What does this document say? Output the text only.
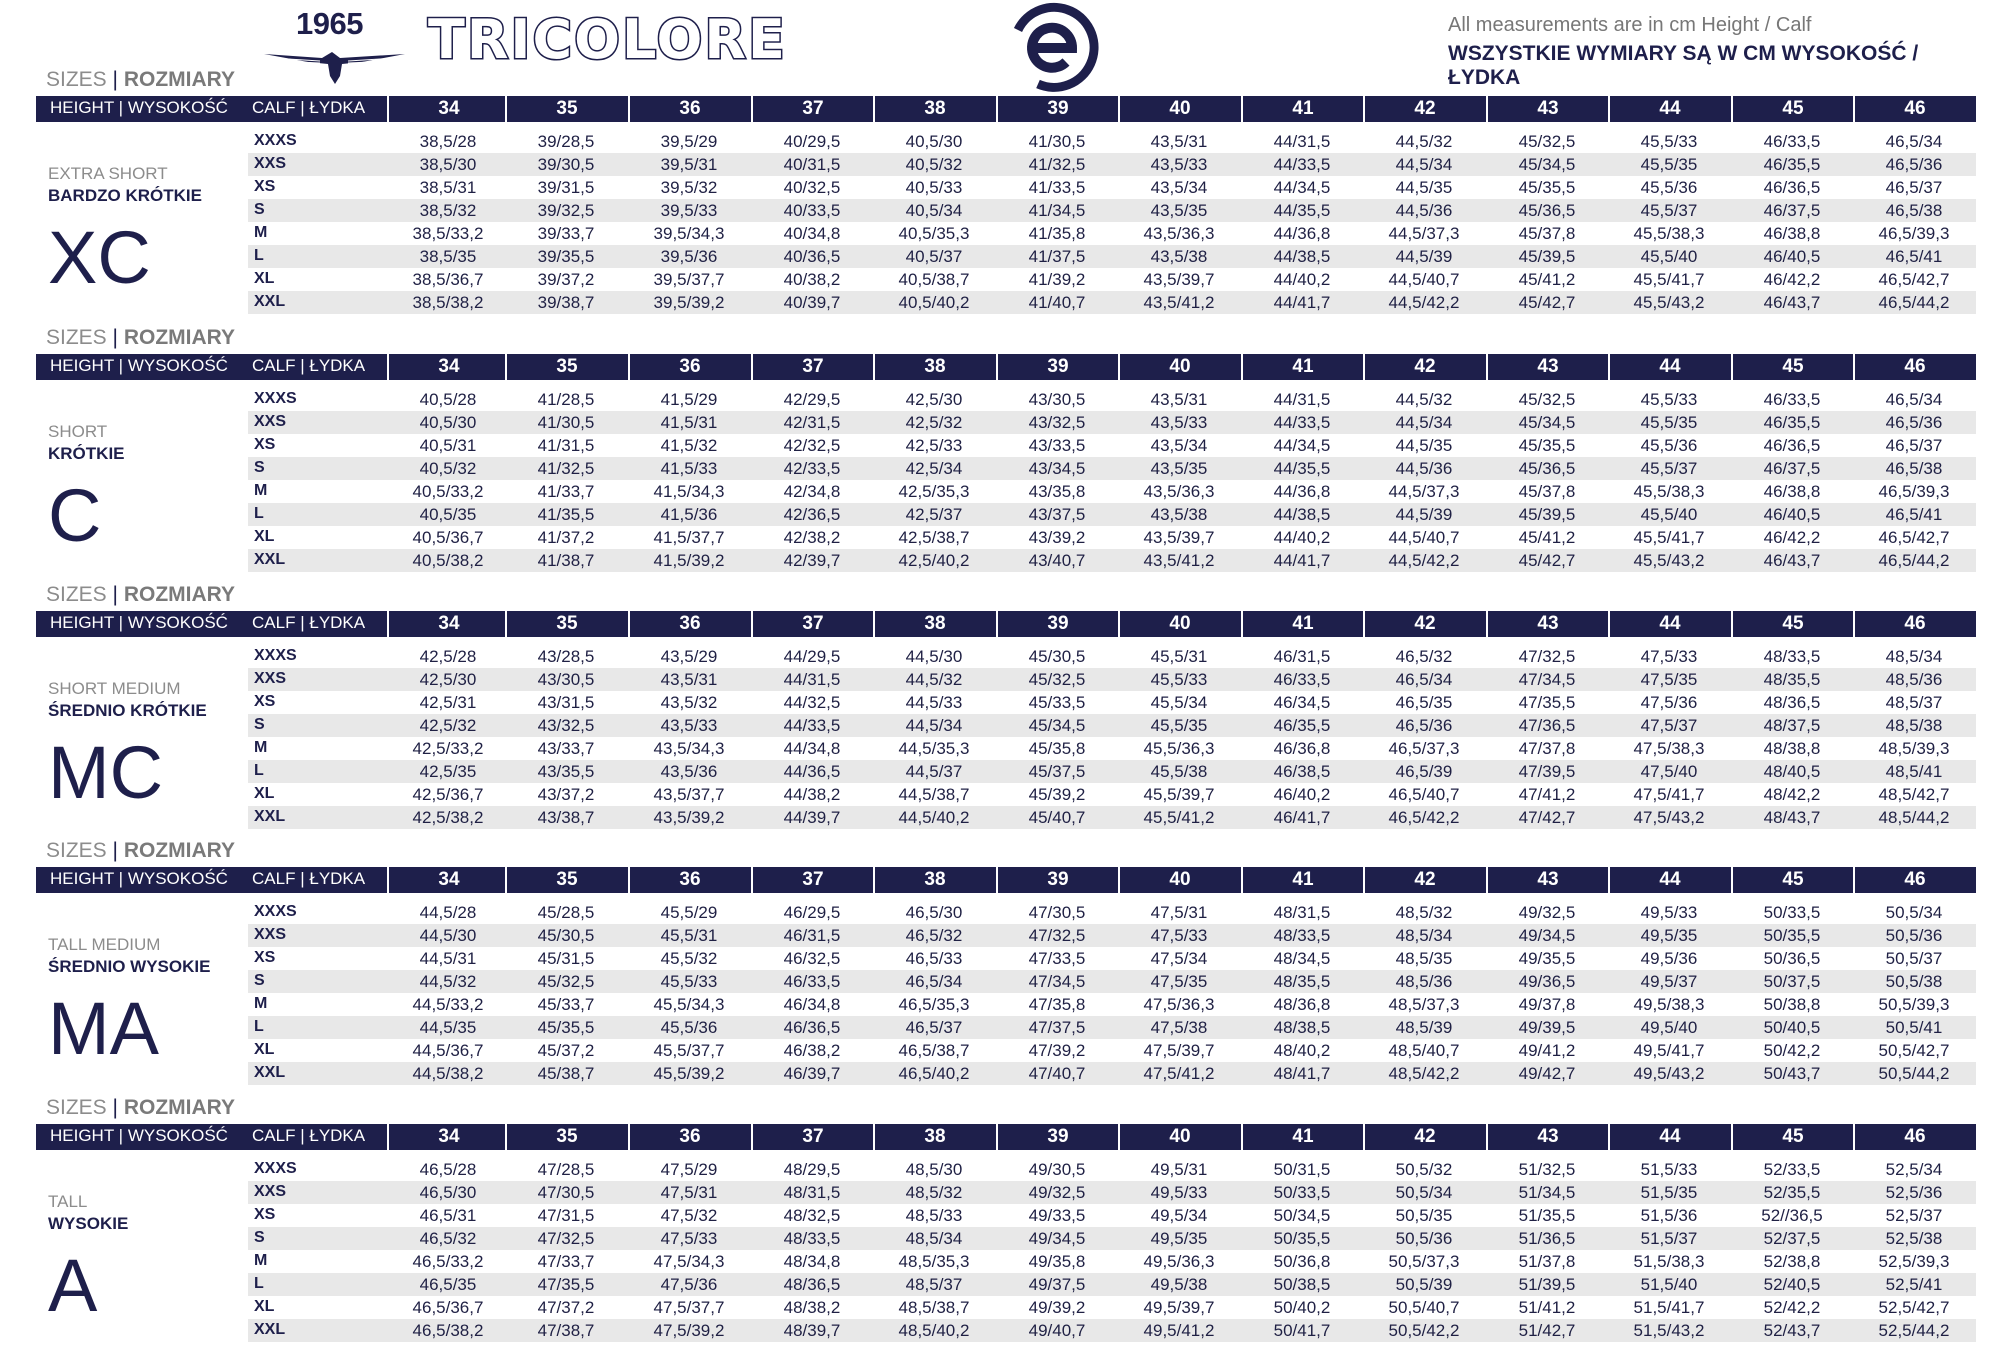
1965 TRICOLORE	All measurements are in cm Height / Calf
WSZYSTKIE WYMIARY SĄ W CM WYSOKOŚĆ / ŁYDKA
SIZES | ROZMIARY
HEIGHT | WYSOKOŚĆ CALF | ŁYDKA	34	35	36	37	38	39	40	41	42	43	44	45	46
EXTRA SHORT
BARDZO KRÓTKIE
XC
XXXS	38,5/28	39/28,5	39,5/29	40/29,5	40,5/30	41/30,5	43,5/31	44/31,5	44,5/32	45/32,5	45,5/33	46/33,5	46,5/34
XXS	38,5/30	39/30,5	39,5/31	40/31,5	40,5/32	41/32,5	43,5/33	44/33,5	44,5/34	45/34,5	45,5/35	46/35,5	46,5/36
XS	38,5/31	39/31,5	39,5/32	40/32,5	40,5/33	41/33,5	43,5/34	44/34,5	44,5/35	45/35,5	45,5/36	46/36,5	46,5/37
S	38,5/32	39/32,5	39,5/33	40/33,5	40,5/34	41/34,5	43,5/35	44/35,5	44,5/36	45/36,5	45,5/37	46/37,5	46,5/38
M	38,5/33,2	39/33,7	39,5/34,3	40/34,8	40,5/35,3	41/35,8	43,5/36,3	44/36,8	44,5/37,3	45/37,8	45,5/38,3	46/38,8	46,5/39,3
L	38,5/35	39/35,5	39,5/36	40/36,5	40,5/37	41/37,5	43,5/38	44/38,5	44,5/39	45/39,5	45,5/40	46/40,5	46,5/41
XL	38,5/36,7	39/37,2	39,5/37,7	40/38,2	40,5/38,7	41/39,2	43,5/39,7	44/40,2	44,5/40,7	45/41,2	45,5/41,7	46/42,2	46,5/42,7
XXL	38,5/38,2	39/38,7	39,5/39,2	40/39,7	40,5/40,2	41/40,7	43,5/41,2	44/41,7	44,5/42,2	45/42,7	45,5/43,2	46/43,7	46,5/44,2
SIZES | ROZMIARY
HEIGHT | WYSOKOŚĆ CALF | ŁYDKA	34	35	36	37	38	39	40	41	42	43	44	45	46
SHORT
KRÓTKIE
C
XXXS	40,5/28	41/28,5	41,5/29	42/29,5	42,5/30	43/30,5	43,5/31	44/31,5	44,5/32	45/32,5	45,5/33	46/33,5	46,5/34
XXS	40,5/30	41/30,5	41,5/31	42/31,5	42,5/32	43/32,5	43,5/33	44/33,5	44,5/34	45/34,5	45,5/35	46/35,5	46,5/36
XS	40,5/31	41/31,5	41,5/32	42/32,5	42,5/33	43/33,5	43,5/34	44/34,5	44,5/35	45/35,5	45,5/36	46/36,5	46,5/37
S	40,5/32	41/32,5	41,5/33	42/33,5	42,5/34	43/34,5	43,5/35	44/35,5	44,5/36	45/36,5	45,5/37	46/37,5	46,5/38
M	40,5/33,2	41/33,7	41,5/34,3	42/34,8	42,5/35,3	43/35,8	43,5/36,3	44/36,8	44,5/37,3	45/37,8	45,5/38,3	46/38,8	46,5/39,3
L	40,5/35	41/35,5	41,5/36	42/36,5	42,5/37	43/37,5	43,5/38	44/38,5	44,5/39	45/39,5	45,5/40	46/40,5	46,5/41
XL	40,5/36,7	41/37,2	41,5/37,7	42/38,2	42,5/38,7	43/39,2	43,5/39,7	44/40,2	44,5/40,7	45/41,2	45,5/41,7	46/42,2	46,5/42,7
XXL	40,5/38,2	41/38,7	41,5/39,2	42/39,7	42,5/40,2	43/40,7	43,5/41,2	44/41,7	44,5/42,2	45/42,7	45,5/43,2	46/43,7	46,5/44,2
SIZES | ROZMIARY
HEIGHT | WYSOKOŚĆ CALF | ŁYDKA	34	35	36	37	38	39	40	41	42	43	44	45	46
SHORT MEDIUM
ŚREDNIO KRÓTKIE
MC
XXXS	42,5/28	43/28,5	43,5/29	44/29,5	44,5/30	45/30,5	45,5/31	46/31,5	46,5/32	47/32,5	47,5/33	48/33,5	48,5/34
XXS	42,5/30	43/30,5	43,5/31	44/31,5	44,5/32	45/32,5	45,5/33	46/33,5	46,5/34	47/34,5	47,5/35	48/35,5	48,5/36
XS	42,5/31	43/31,5	43,5/32	44/32,5	44,5/33	45/33,5	45,5/34	46/34,5	46,5/35	47/35,5	47,5/36	48/36,5	48,5/37
S	42,5/32	43/32,5	43,5/33	44/33,5	44,5/34	45/34,5	45,5/35	46/35,5	46,5/36	47/36,5	47,5/37	48/37,5	48,5/38
M	42,5/33,2	43/33,7	43,5/34,3	44/34,8	44,5/35,3	45/35,8	45,5/36,3	46/36,8	46,5/37,3	47/37,8	47,5/38,3	48/38,8	48,5/39,3
L	42,5/35	43/35,5	43,5/36	44/36,5	44,5/37	45/37,5	45,5/38	46/38,5	46,5/39	47/39,5	47,5/40	48/40,5	48,5/41
XL	42,5/36,7	43/37,2	43,5/37,7	44/38,2	44,5/38,7	45/39,2	45,5/39,7	46/40,2	46,5/40,7	47/41,2	47,5/41,7	48/42,2	48,5/42,7
XXL	42,5/38,2	43/38,7	43,5/39,2	44/39,7	44,5/40,2	45/40,7	45,5/41,2	46/41,7	46,5/42,2	47/42,7	47,5/43,2	48/43,7	48,5/44,2
SIZES | ROZMIARY
HEIGHT | WYSOKOŚĆ CALF | ŁYDKA	34	35	36	37	38	39	40	41	42	43	44	45	46
TALL MEDIUM
ŚREDNIO WYSOKIE
MA
XXXS	44,5/28	45/28,5	45,5/29	46/29,5	46,5/30	47/30,5	47,5/31	48/31,5	48,5/32	49/32,5	49,5/33	50/33,5	50,5/34
XXS	44,5/30	45/30,5	45,5/31	46/31,5	46,5/32	47/32,5	47,5/33	48/33,5	48,5/34	49/34,5	49,5/35	50/35,5	50,5/36
XS	44,5/31	45/31,5	45,5/32	46/32,5	46,5/33	47/33,5	47,5/34	48/34,5	48,5/35	49/35,5	49,5/36	50/36,5	50,5/37
S	44,5/32	45/32,5	45,5/33	46/33,5	46,5/34	47/34,5	47,5/35	48/35,5	48,5/36	49/36,5	49,5/37	50/37,5	50,5/38
M	44,5/33,2	45/33,7	45,5/34,3	46/34,8	46,5/35,3	47/35,8	47,5/36,3	48/36,8	48,5/37,3	49/37,8	49,5/38,3	50/38,8	50,5/39,3
L	44,5/35	45/35,5	45,5/36	46/36,5	46,5/37	47/37,5	47,5/38	48/38,5	48,5/39	49/39,5	49,5/40	50/40,5	50,5/41
XL	44,5/36,7	45/37,2	45,5/37,7	46/38,2	46,5/38,7	47/39,2	47,5/39,7	48/40,2	48,5/40,7	49/41,2	49,5/41,7	50/42,2	50,5/42,7
XXL	44,5/38,2	45/38,7	45,5/39,2	46/39,7	46,5/40,2	47/40,7	47,5/41,2	48/41,7	48,5/42,2	49/42,7	49,5/43,2	50/43,7	50,5/44,2
SIZES | ROZMIARY
HEIGHT | WYSOKOŚĆ CALF | ŁYDKA	34	35	36	37	38	39	40	41	42	43	44	45	46
TALL
WYSOKIE
A
XXXS	46,5/28	47/28,5	47,5/29	48/29,5	48,5/30	49/30,5	49,5/31	50/31,5	50,5/32	51/32,5	51,5/33	52/33,5	52,5/34
XXS	46,5/30	47/30,5	47,5/31	48/31,5	48,5/32	49/32,5	49,5/33	50/33,5	50,5/34	51/34,5	51,5/35	52/35,5	52,5/36
XS	46,5/31	47/31,5	47,5/32	48/32,5	48,5/33	49/33,5	49,5/34	50/34,5	50,5/35	51/35,5	51,5/36	52//36,5	52,5/37
S	46,5/32	47/32,5	47,5/33	48/33,5	48,5/34	49/34,5	49,5/35	50/35,5	50,5/36	51/36,5	51,5/37	52/37,5	52,5/38
M	46,5/33,2	47/33,7	47,5/34,3	48/34,8	48,5/35,3	49/35,8	49,5/36,3	50/36,8	50,5/37,3	51/37,8	51,5/38,3	52/38,8	52,5/39,3
L	46,5/35	47/35,5	47,5/36	48/36,5	48,5/37	49/37,5	49,5/38	50/38,5	50,5/39	51/39,5	51,5/40	52/40,5	52,5/41
XL	46,5/36,7	47/37,2	47,5/37,7	48/38,2	48,5/38,7	49/39,2	49,5/39,7	50/40,2	50,5/40,7	51/41,2	51,5/41,7	52/42,2	52,5/42,7
XXL	46,5/38,2	47/38,7	47,5/39,2	48/39,7	48,5/40,2	49/40,7	49,5/41,2	50/41,7	50,5/42,2	51/42,7	51,5/43,2	52/43,7	52,5/44,2
